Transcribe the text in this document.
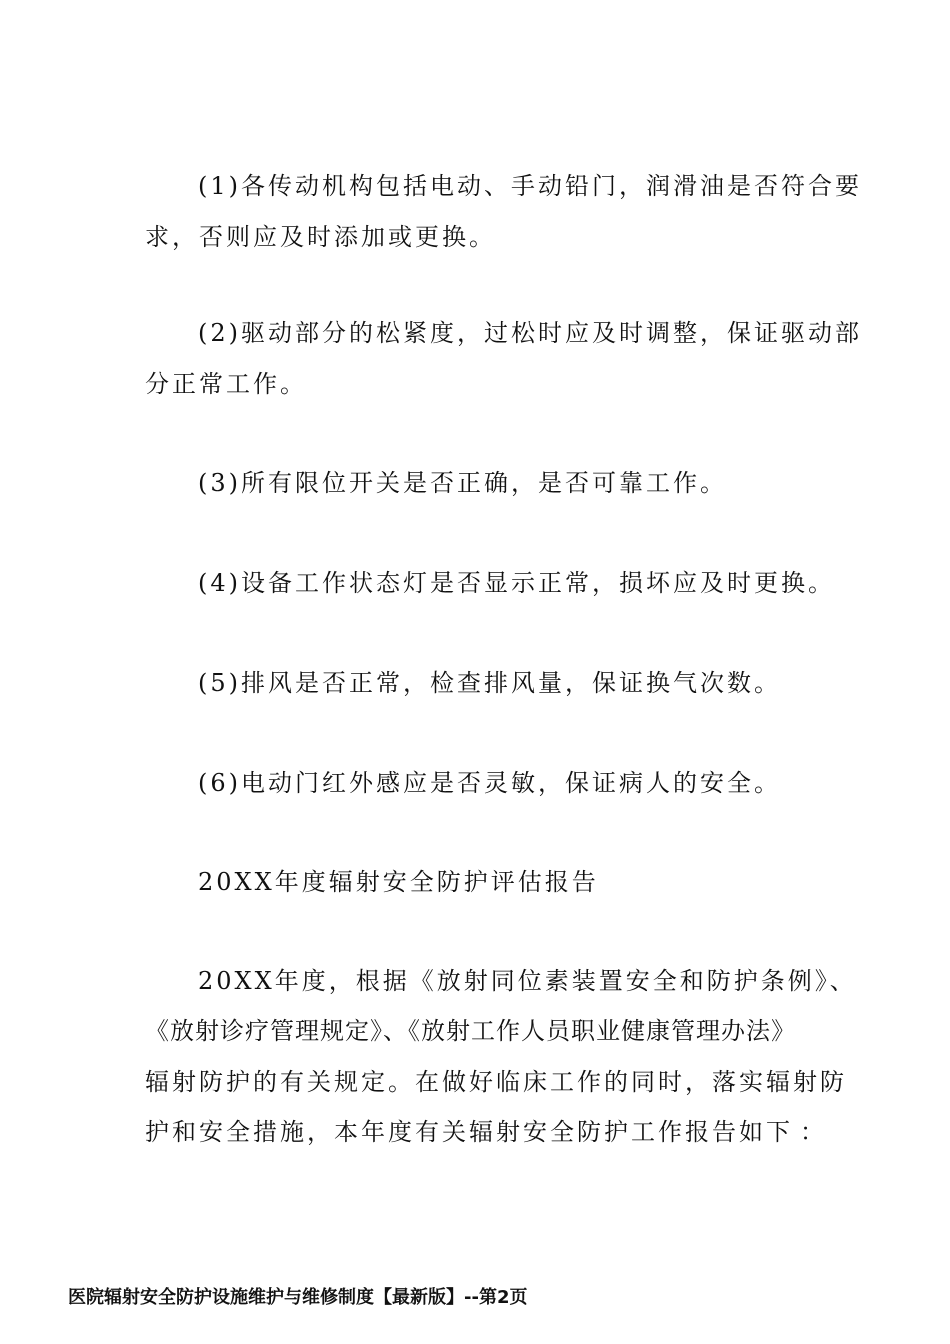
(1)各传动机构包括电动、手动铅门，润滑油是否符合要
求，否则应及时添加或更换。
(2)驱动部分的松紧度，过松时应及时调整，保证驱动部
分正常工作。
(3)所有限位开关是否正确，是否可靠工作。
(4)设备工作状态灯是否显示正常，损坏应及时更换。
(5)排风是否正常，检查排风量，保证换气次数。
(6)电动门红外感应是否灵敏，保证病人的安全。
20XX年度辐射安全防护评估报告
20XX年度，根据《放射同位素装置安全和防护条例》、
《放射诊疗管理规定》、《放射工作人员职业健康管理办法》
辐射防护的有关规定。在做好临床工作的同时，落实辐射防
护和安全措施，本年度有关辐射安全防护工作报告如下 ：
医院辐射安全防护设施维护与维修制度【最新版】--第2页
